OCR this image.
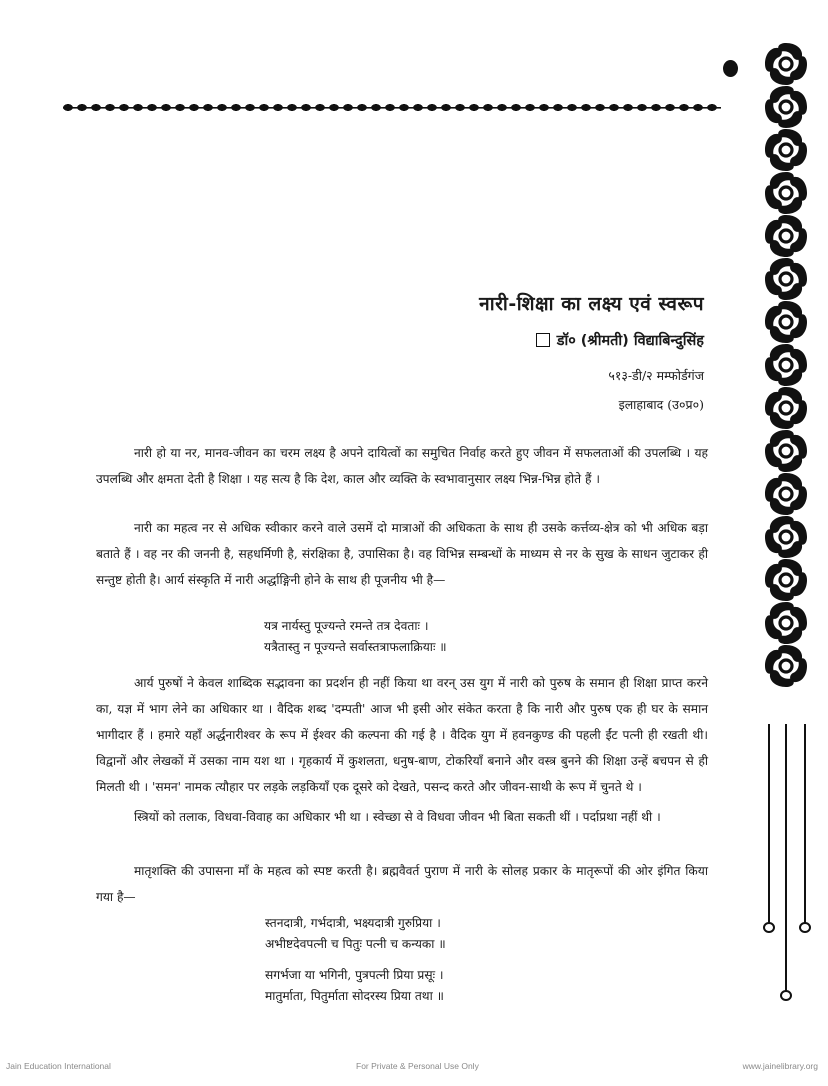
नारी-शिक्षा का लक्ष्य एवं स्वरूप
डॉ० (श्रीमती) विद्याबिन्दुसिंह
५१३-डी/२ मम्फोर्डगंज
इलाहाबाद (उ०प्र०)

नारी हो या नर, मानव-जीवन का चरम लक्ष्य है अपने दायित्वों का समुचित निर्वाह करते हुए जीवन में सफलताओं की उपलब्धि । यह उपलब्धि और क्षमता देती है शिक्षा । यह सत्य है कि देश, काल और व्यक्ति के स्वभावानुसार लक्ष्य भिन्न-भिन्न होते हैं ।

नारी का महत्व नर से अधिक स्वीकार करने वाले उसमें दो मात्राओं की अधिकता के साथ ही उसके कर्त्तव्य-क्षेत्र को भी अधिक बड़ा बताते हैं । वह नर की जननी है, सहधर्मिणी है, संरक्षिका है, उपासिका है। वह विभिन्न सम्बन्धों के माध्यम से नर के सुख के साधन जुटाकर ही सन्तुष्ट होती है। आर्य संस्कृति में नारी अर्द्धाङ्गिनी होने के साथ ही पूजनीय भी है—

यत्र नार्यस्तु पूज्यन्ते रमन्ते तत्र देवताः ।
यत्रैतास्तु न पूज्यन्ते सर्वास्तत्राफलाक्रियाः ॥

आर्य पुरुषों ने केवल शाब्दिक सद्भावना का प्रदर्शन ही नहीं किया था वरन् उस युग में नारी को पुरुष के समान ही शिक्षा प्राप्त करने का, यज्ञ में भाग लेने का अधिकार था । वैदिक शब्द 'दम्पती' आज भी इसी ओर संकेत करता है कि नारी और पुरुष एक ही घर के समान भागीदार हैं । हमारे यहाँ अर्द्धनारीश्वर के रूप में ईश्वर की कल्पना की गई है । वैदिक युग में हवनकुण्ड की पहली ईंट पत्नी ही रखती थी। विद्वानों और लेखकों में उसका नाम यश था । गृहकार्य में कुशलता, धनुष-बाण, टोकरियाँ बनाने और वस्त्र बुनने की शिक्षा उन्हें बचपन से ही मिलती थी । 'समन' नामक त्यौहार पर लड़के लड़कियाँ एक दूसरे को देखते, पसन्द करते और जीवन-साथी के रूप में चुनते थे ।

स्त्रियों को तलाक, विधवा-विवाह का अधिकार भी था । स्वेच्छा से वे विधवा जीवन भी बिता सकती थीं । पर्दाप्रथा नहीं थी ।

मातृशक्ति की उपासना माँ के महत्व को स्पष्ट करती है। ब्रह्मवैवर्त पुराण में नारी के सोलह प्रकार के मातृरूपों की ओर इंगित किया गया है—

स्तनदात्री, गर्भदात्री, भक्ष्यदात्री गुरुप्रिया ।
अभीष्टदेवपत्नी च पितुः पत्नी च कन्यका ॥
सगर्भजा या भगिनी, पुत्रपत्नी प्रिया प्रसूः ।
मातुर्माता, पितुर्माता सोदरस्य प्रिया तथा ॥
Jain Education International	For Private & Personal Use Only	www.jainelibrary.org
